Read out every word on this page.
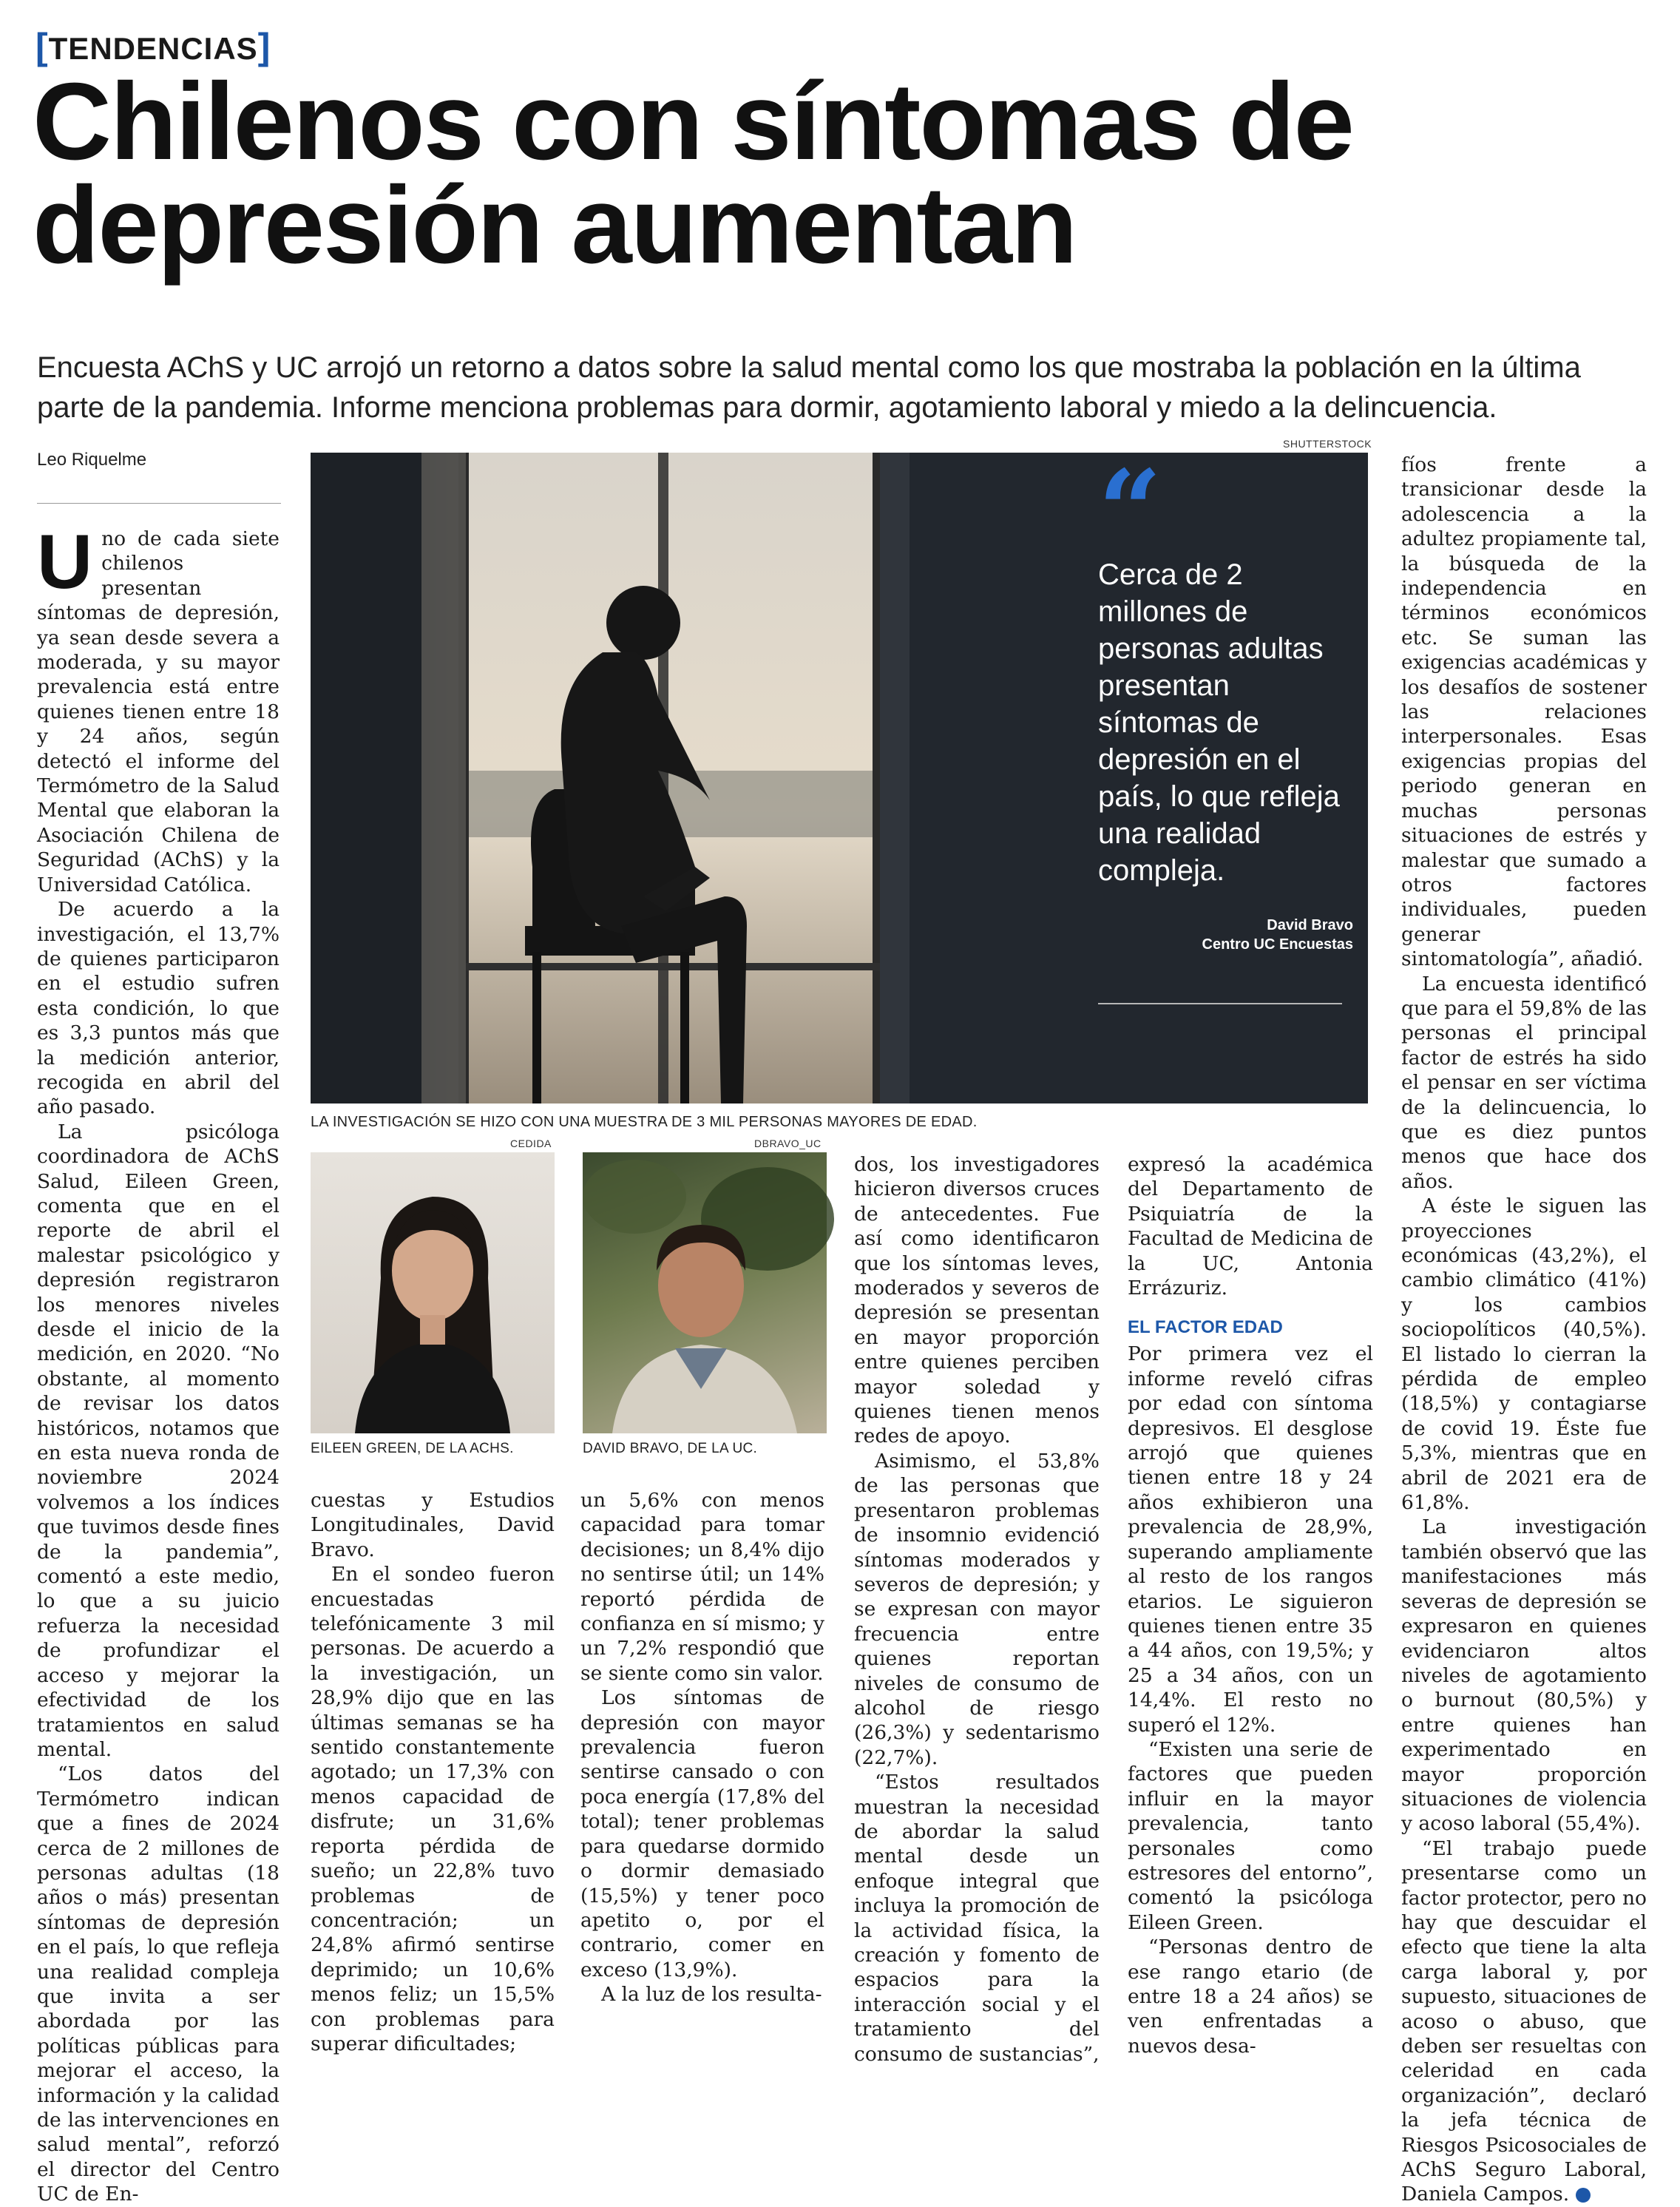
[TENDENCIAS]
Chilenos con síntomas de
depresión aumentan

Encuesta AChS y UC arrojó un retorno a datos sobre la salud mental como los que mostraba la población en la última
parte de la pandemia. Informe menciona problemas para dormir, agotamiento laboral y miedo a la delincuencia.

Leo Riquelme

Uno de cada siete chilenos presentan síntomas de depresión, ya sean desde severa a moderada, y su mayor prevalencia está entre quienes tienen entre 18 y 24 años, según detectó el informe del Termómetro de la Salud Mental que elaboran la Asociación Chilena de Seguridad (AChS) y la Universidad Católica.

De acuerdo a la investigación, el 13,7% de quienes participaron en el estudio sufren esta condición, lo que es 3,3 puntos más que la medición anterior, recogida en abril del año pasado.

La psicóloga coordinadora de AChS Salud, Eileen Green, comenta que en el reporte de abril el malestar psicológico y depresión registraron los menores niveles desde el inicio de la medición, en 2020. “No obstante, al momento de revisar los datos históricos, notamos que en esta nueva ronda de noviembre 2024 volvemos a los índices que tuvimos desde fines de la pandemia”, comentó a este medio, lo que a su juicio refuerza la necesidad de profundizar el acceso y mejorar la efectividad de los tratamientos en salud mental.

“Los datos del Termómetro indican que a fines de 2024 cerca de 2 millones de personas adultas (18 años o más) presentan síntomas de depresión en el país, lo que refleja una realidad compleja que invita a ser abordada por las políticas públicas para mejorar el acceso, la información y la calidad de las intervenciones en salud mental”, reforzó el director del Centro UC de En-

SHUTTERSTOCK
“

Cerca de 2 millones de personas adultas presentan síntomas de depresión en el país, lo que refleja una realidad compleja.

David Bravo
Centro UC Encuestas
LA INVESTIGACIÓN SE HIZO CON UNA MUESTRA DE 3 MIL PERSONAS MAYORES DE EDAD.
CEDIDA
EILEEN GREEN, DE LA ACHS.
DBRAVO_UC
DAVID BRAVO, DE LA UC.

cuestas y Estudios Longitudinales, David Bravo.

En el sondeo fueron encuestadas telefónicamente 3 mil personas. De acuerdo a la investigación, un 28,9% dijo que en las últimas semanas se ha sentido constantemente agotado; un 17,3% con menos capacidad de disfrute; un 31,6% reporta pérdida de sueño; un 22,8% tuvo problemas de concentración; un 24,8% afirmó sentirse deprimido; un 10,6% menos feliz; un 15,5% con problemas para superar dificultades;

un 5,6% con menos capacidad para tomar decisiones; un 8,4% dijo no sentirse útil; un 14% reportó pérdida de confianza en sí mismo; y un 7,2% respondió que se siente como sin valor.

Los síntomas de depresión con mayor prevalencia fueron sentirse cansado o con poca energía (17,8% del total); tener problemas para quedarse dormido o dormir demasiado (15,5%) y tener poco apetito o, por el contrario, comer en exceso (13,9%).

A la luz de los resulta-

dos, los investigadores hicieron diversos cruces de antecedentes. Fue así como identificaron que los síntomas leves, moderados y severos de depresión se presentan en mayor proporción entre quienes perciben mayor soledad y quienes tienen menos redes de apoyo.

Asimismo, el 53,8% de las personas que presentaron problemas de insomnio evidenció síntomas moderados y severos de depresión; y se expresan con mayor frecuencia entre quienes reportan niveles de consumo de alcohol de riesgo (26,3%) y sedentarismo (22,7%).

“Estos resultados muestran la necesidad de abordar la salud mental desde un enfoque integral que incluya la promoción de la actividad física, la creación y fomento de espacios para la interacción social y el tratamiento del consumo de sustancias”,

expresó la académica del Departamento de Psiquiatría de la Facultad de Medicina de la UC, Antonia Errázuriz.

EL FACTOR EDAD

Por primera vez el informe reveló cifras por edad con síntoma depresivos. El desglose arrojó que quienes tienen entre 18 y 24 años exhibieron una prevalencia de 28,9%, superando ampliamente al resto de los rangos etarios. Le siguieron quienes tienen entre 35 a 44 años, con 19,5%; y 25 a 34 años, con un 14,4%. El resto no superó el 12%.

“Existen una serie de factores que pueden influir en la mayor prevalencia, tanto personales como estresores del entorno”, comentó la psicóloga Eileen Green.

“Personas dentro de ese rango etario (de entre 18 a 24 años) se ven enfrentadas a nuevos desa-

fíos frente a transicionar desde la adolescencia a la adultez propiamente tal, la búsqueda de la independencia en términos económicos etc. Se suman las exigencias académicas y los desafíos de sostener las relaciones interpersonales. Esas exigencias propias del periodo generan en muchas personas situaciones de estrés y malestar que sumado a otros factores individuales, pueden generar sintomatología”, añadió.

La encuesta identificó que para el 59,8% de las personas el principal factor de estrés ha sido el pensar en ser víctima de la delincuencia, lo que es diez puntos menos que hace dos años.

A éste le siguen las proyecciones económicas (43,2%), el cambio climático (41%) y los cambios sociopolíticos (40,5%). El listado lo cierran la pérdida de empleo (18,5%) y contagiarse de covid 19. Éste fue 5,3%, mientras que en abril de 2021 era de 61,8%.

La investigación también observó que las manifestaciones más severas de depresión se expresaron en quienes evidenciaron altos niveles de agotamiento o burnout (80,5%) y entre quienes han experimentado en mayor proporción situaciones de violencia y acoso laboral (55,4%).

“El trabajo puede presentarse como un factor protector, pero no hay que descuidar el efecto que tiene la alta carga laboral y, por supuesto, situaciones de acoso o abuso, que deben ser resueltas con celeridad en cada organización”, declaró la jefa técnica de Riesgos Psicosociales de AChS Seguro Laboral, Daniela Campos.	✪
